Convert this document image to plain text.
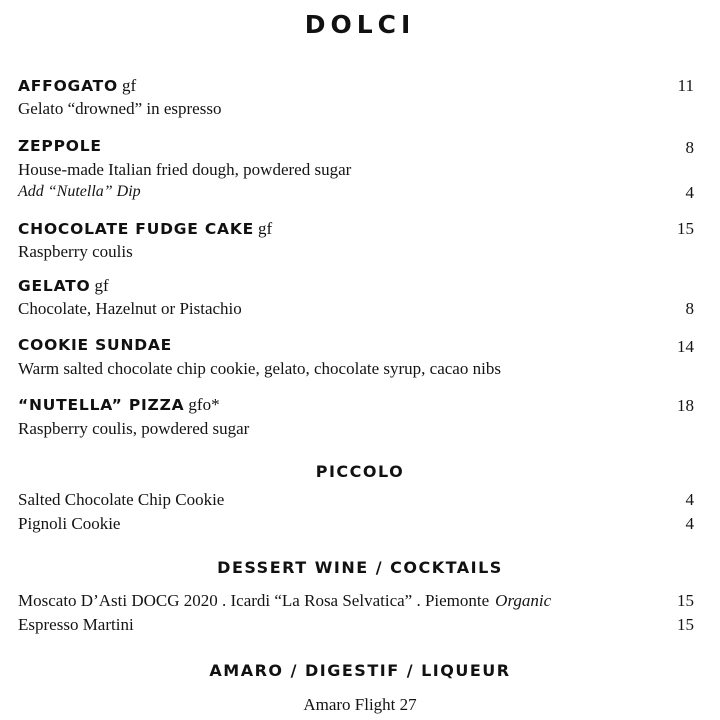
DOLCI
AFFOGATO gf	11
Gelato “drowned” in espresso
ZEPPOLE	8
House-made Italian fried dough, powdered sugar
Add “Nutella” Dip	4
CHOCOLATE FUDGE CAKE gf	15
Raspberry coulis
GELATO gf
Chocolate, Hazelnut or Pistachio	8
COOKIE SUNDAE	14
Warm salted chocolate chip cookie, gelato, chocolate syrup, cacao nibs
“NUTELLA” PIZZA gfo*	18
Raspberry coulis, powdered sugar
PICCOLO
Salted Chocolate Chip Cookie	4
Pignoli Cookie	4
DESSERT WINE / COCKTAILS
Moscato D’Asti DOCG 2020 . Icardi “La Rosa Selvatica” . Piemonte Organic	15
Espresso Martini	15
AMARO / DIGESTIF / LIQUEUR
Amaro Flight 27
